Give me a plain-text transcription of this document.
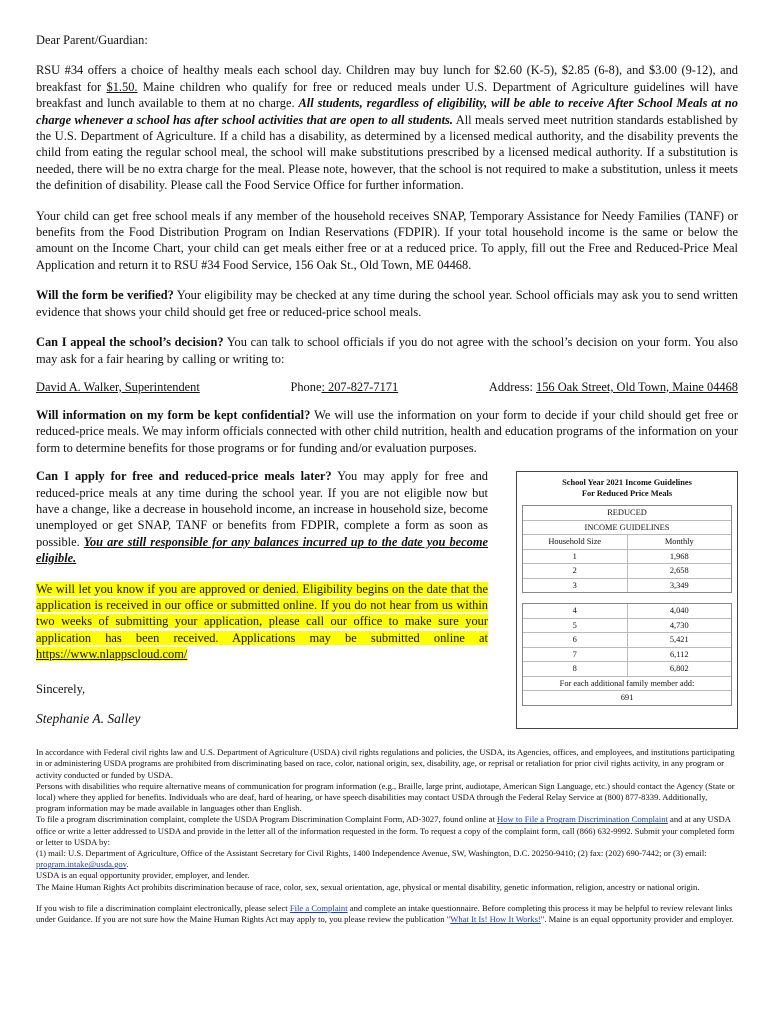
Dear Parent/Guardian:

RSU #34 offers a choice of healthy meals each school day. Children may buy lunch for $2.60 (K-5), $2.85 (6-8), and $3.00 (9-12), and breakfast for $1.50. Maine children who qualify for free or reduced meals under U.S. Department of Agriculture guidelines will have breakfast and lunch available to them at no charge. All students, regardless of eligibility, will be able to receive After School Meals at no charge whenever a school has after school activities that are open to all students. All meals served meet nutrition standards established by the U.S. Department of Agriculture. If a child has a disability, as determined by a licensed medical authority, and the disability prevents the child from eating the regular school meal, the school will make substitutions prescribed by a licensed medical authority. If a substitution is needed, there will be no extra charge for the meal. Please note, however, that the school is not required to make a substitution, unless it meets the definition of disability. Please call the Food Service Office for further information.

Your child can get free school meals if any member of the household receives SNAP, Temporary Assistance for Needy Families (TANF) or benefits from the Food Distribution Program on Indian Reservations (FDPIR). If your total household income is the same or below the amount on the Income Chart, your child can get meals either free or at a reduced price. To apply, fill out the Free and Reduced-Price Meal Application and return it to RSU #34 Food Service, 156 Oak St., Old Town, ME 04468.

Will the form be verified? Your eligibility may be checked at any time during the school year. School officials may ask you to send written evidence that shows your child should get free or reduced-price school meals.

Can I appeal the school’s decision? You can talk to school officials if you do not agree with the school’s decision on your form. You also may ask for a fair hearing by calling or writing to:

David A. Walker, Superintendent	Phone: 207-827-7171	Address: 156 Oak Street, Old Town, Maine 04468

Will information on my form be kept confidential? We will use the information on your form to decide if your child should get free or reduced-price meals. We may inform officials connected with other child nutrition, health and education programs of the information on your form to determine benefits for those programs or for funding and/or evaluation purposes.

Can I apply for free and reduced-price meals later? You may apply for free and reduced-price meals at any time during the school year. If you are not eligible now but have a change, like a decrease in household income, an increase in household size, become unemployed or get SNAP, TANF or benefits from FDPIR, complete a form as soon as possible. You are still responsible for any balances incurred up to the date you become eligible.

We will let you know if you are approved or denied. Eligibility begins on the date that the application is received in our office or submitted online. If you do not hear from us within two weeks of submitting your application, please call our office to make sure your application has been received. Applications may be submitted online at https://www.nlappscloud.com/

Sincerely,

Stephanie A. Salley

School Year 2021 Income Guidelines
For Reduced Price Meals
REDUCED
INCOME GUIDELINES
Household Size	Monthly
1	1,968
2	2,658
3	3,349
4	4,040
5	4,730
6	5,421
7	6,112
8	6,802
For each additional family member add:
691

In accordance with Federal civil rights law and U.S. Department of Agriculture (USDA) civil rights regulations and policies, the USDA, its Agencies, offices, and employees, and institutions participating in or administering USDA programs are prohibited from discriminating based on race, color, national origin, sex, disability, age, or reprisal or retaliation for prior civil rights activity, in any program or activity conducted or funded by USDA.

Persons with disabilities who require alternative means of communication for program information (e.g., Braille, large print, audiotape, American Sign Language, etc.) should contact the Agency (State or local) where they applied for benefits. Individuals who are deaf, hard of hearing, or have speech disabilities may contact USDA through the Federal Relay Service at (800) 877-8339. Additionally, program information may be made available in languages other than English.

To file a program discrimination complaint, complete the USDA Program Discrimination Complaint Form, AD-3027, found online at How to File a Program Discrimination Complaint and at any USDA office or write a letter addressed to USDA and provide in the letter all of the information requested in the form. To request a copy of the complaint form, call (866) 632-9992. Submit your completed form or letter to USDA by:

(1) mail: U.S. Department of Agriculture, Office of the Assistant Secretary for Civil Rights, 1400 Independence Avenue, SW, Washington, D.C. 20250-9410; (2) fax: (202) 690-7442; or (3) email: program.intake@usda.gov.

USDA is an equal opportunity provider, employer, and lender.

The Maine Human Rights Act prohibits discrimination because of race, color, sex, sexual orientation, age, physical or mental disability, genetic information, religion, ancestry or national origin.

If you wish to file a discrimination complaint electronically, please select File a Complaint and complete an intake questionnaire. Before completing this process it may be helpful to review relevant links under Guidance. If you are not sure how the Maine Human Rights Act may apply to, you please review the publication "What It Is! How It Works!". Maine is an equal opportunity provider and employer.
